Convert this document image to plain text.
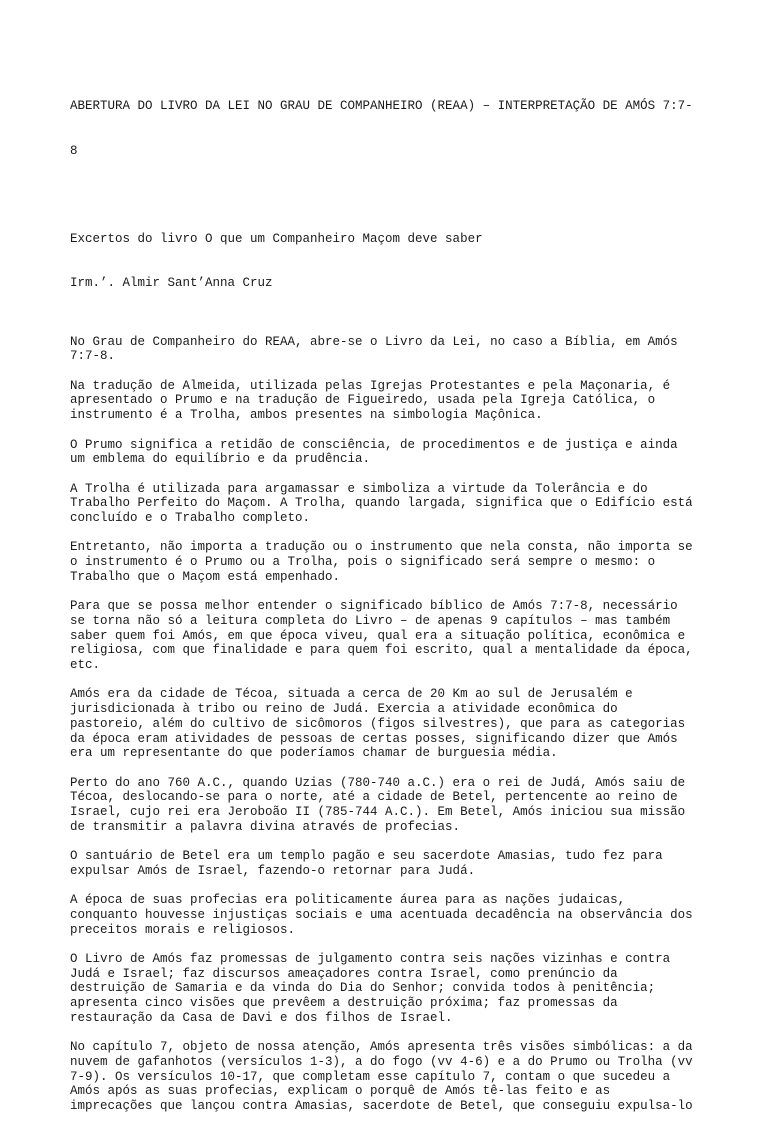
ABERTURA DO LIVRO DA LEI NO GRAU DE COMPANHEIRO (REAA) – INTERPRETAÇÃO DE AMÓS 7:7-

8

Excertos do livro O que um Companheiro Maçom deve saber

Irm.’. Almir Sant’Anna Cruz

No Grau de Companheiro do REAA, abre-se o Livro da Lei, no caso a Bíblia, em Amós
7:7-8.
Na tradução de Almeida, utilizada pelas Igrejas Protestantes e pela Maçonaria, é
apresentado o Prumo e na tradução de Figueiredo, usada pela Igreja Católica, o
instrumento é a Trolha, ambos presentes na simbologia Maçônica.
O Prumo significa a retidão de consciência, de procedimentos e de justiça e ainda
um emblema do equilíbrio e da prudência.
A Trolha é utilizada para argamassar e simboliza a virtude da Tolerância e do
Trabalho Perfeito do Maçom. A Trolha, quando largada, significa que o Edifício está
concluído e o Trabalho completo.
Entretanto, não importa a tradução ou o instrumento que nela consta, não importa se
o instrumento é o Prumo ou a Trolha, pois o significado será sempre o mesmo: o
Trabalho que o Maçom está empenhado.
Para que se possa melhor entender o significado bíblico de Amós 7:7-8, necessário
se torna não só a leitura completa do Livro – de apenas 9 capítulos – mas também
saber quem foi Amós, em que época viveu, qual era a situação política, econômica e
religiosa, com que finalidade e para quem foi escrito, qual a mentalidade da época,
etc.
Amós era da cidade de Técoa, situada a cerca de 20 Km ao sul de Jerusalém e
jurisdicionada à tribo ou reino de Judá. Exercia a atividade econômica do
pastoreio, além do cultivo de sicômoros (figos silvestres), que para as categorias
da época eram atividades de pessoas de certas posses, significando dizer que Amós
era um representante do que poderíamos chamar de burguesia média.
Perto do ano 760 A.C., quando Uzias (780-740 a.C.) era o rei de Judá, Amós saiu de
Técoa, deslocando-se para o norte, até a cidade de Betel, pertencente ao reino de
Israel, cujo rei era Jeroboão II (785-744 A.C.). Em Betel, Amós iniciou sua missão
de transmitir a palavra divina através de profecias.
O santuário de Betel era um templo pagão e seu sacerdote Amasias, tudo fez para
expulsar Amós de Israel, fazendo-o retornar para Judá.
A época de suas profecias era politicamente áurea para as nações judaicas,
conquanto houvesse injustiças sociais e uma acentuada decadência na observância dos
preceitos morais e religiosos.
O Livro de Amós faz promessas de julgamento contra seis nações vizinhas e contra
Judá e Israel; faz discursos ameaçadores contra Israel, como prenúncio da
destruição de Samaria e da vinda do Dia do Senhor; convida todos à penitência;
apresenta cinco visões que prevêem a destruição próxima; faz promessas da
restauração da Casa de Davi e dos filhos de Israel.
No capítulo 7, objeto de nossa atenção, Amós apresenta três visões simbólicas: a da
nuvem de gafanhotos (versículos 1-3), a do fogo (vv 4-6) e a do Prumo ou Trolha (vv
7-9). Os versículos 10-17, que completam esse capítulo 7, contam o que sucedeu a
Amós após as suas profecias, explicam o porquê de Amós tê-las feito e as
imprecações que lançou contra Amasias, sacerdote de Betel, que conseguiu expulsa-lo
